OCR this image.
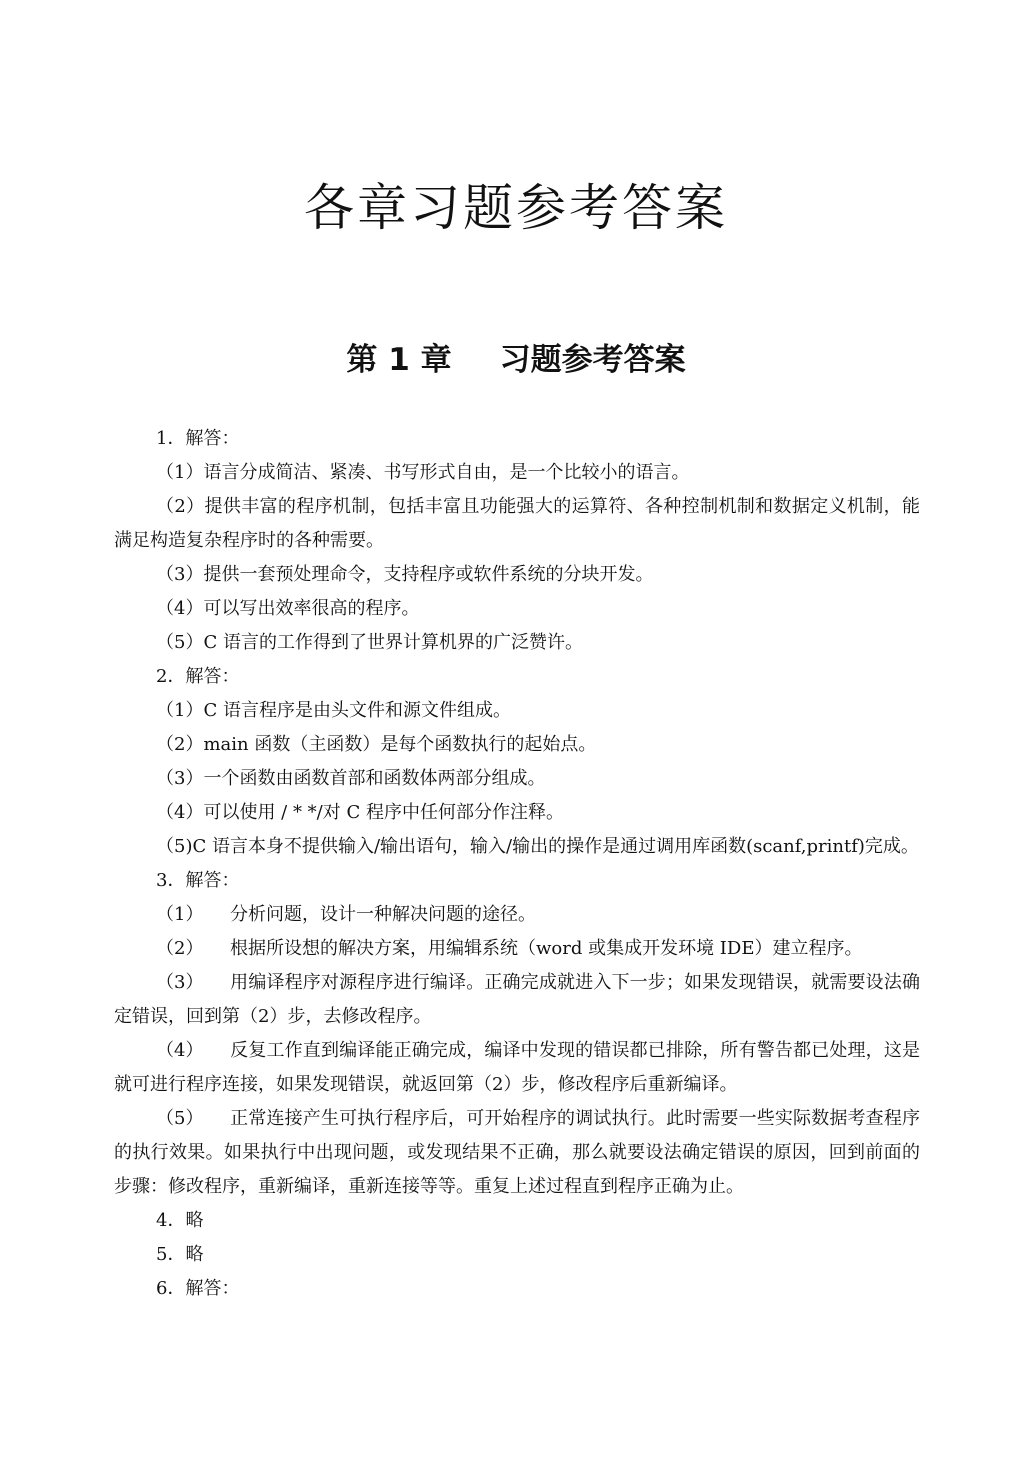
各章习题参考答案
第 1 章 习题参考答案

1．解答：

（1）语言分成简洁、紧凑、书写形式自由，是一个比较小的语言。

（2）提供丰富的程序机制，包括丰富且功能强大的运算符、各种控制机制和数据定义机制，能满足构造复杂程序时的各种需要。

（3）提供一套预处理命令，支持程序或软件系统的分块开发。

（4）可以写出效率很高的程序。

（5）C 语言的工作得到了世界计算机界的广泛赞许。

2．解答：

（1）C 语言程序是由头文件和源文件组成。

（2）main 函数（主函数）是每个函数执行的起始点。

（3）一个函数由函数首部和函数体两部分组成。

（4）可以使用 / * */对 C 程序中任何部分作注释。

（5)C 语言本身不提供输入/输出语句，输入/输出的操作是通过调用库函数(scanf,printf)完成。

3．解答：

（1） 分析问题，设计一种解决问题的途径。

（2） 根据所设想的解决方案，用编辑系统（word 或集成开发环境 IDE）建立程序。

（3） 用编译程序对源程序进行编译。正确完成就进入下一步；如果发现错误，就需要设法确定错误，回到第（2）步，去修改程序。

（4） 反复工作直到编译能正确完成，编译中发现的错误都已排除，所有警告都已处理，这是就可进行程序连接，如果发现错误，就返回第（2）步，修改程序后重新编译。

（5） 正常连接产生可执行程序后，可开始程序的调试执行。此时需要一些实际数据考查程序的执行效果。如果执行中出现问题，或发现结果不正确，那么就要设法确定错误的原因，回到前面的步骤：修改程序，重新编译，重新连接等等。重复上述过程直到程序正确为止。

4．略

5．略

6．解答：
